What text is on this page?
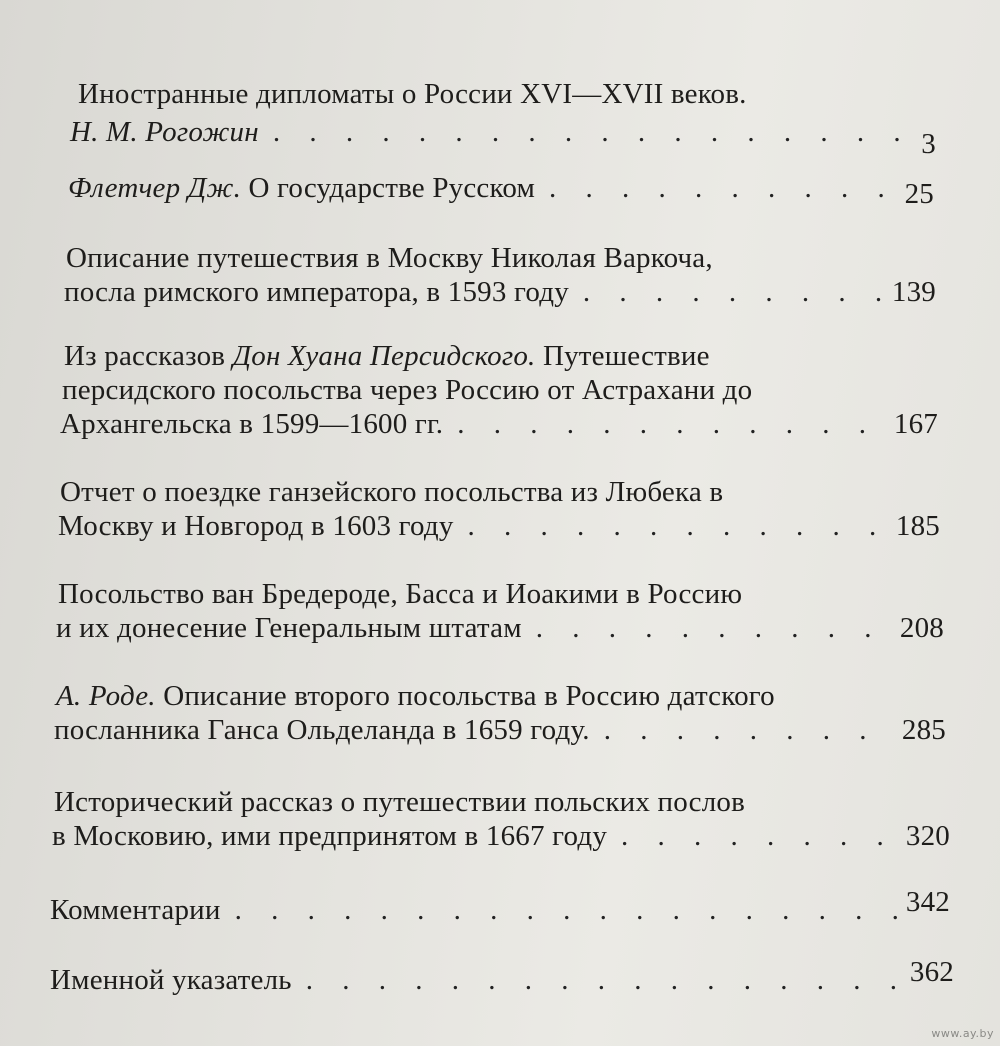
Иностранные дипломаты о России XVI—XVII веков.
Н. М. Рогожин . . .	3
Флетчер Дж. О государстве Русском . . .	25
Описание путешествия в Москву Николая Варкоча,
посла римского императора, в 1593 году . . .	139
Из рассказов Дон Хуана Персидского. Путешествие
персидского посольства через Россию от Астрахани до
Архангельска в 1599—1600 гг. . . .	167
Отчет о поездке ганзейского посольства из Любека в
Москву и Новгород в 1603 году . . .	185
Посольство ван Бредероде, Басса и Иоакими в Россию
и их донесение Генеральным штатам . . .	208
А. Роде. Описание второго посольства в Россию датского
посланника Ганса Ольделанда в 1659 году. . . .	285
Исторический рассказ о путешествии польских послов
в Московию, ими предпринятом в 1667 году . . .	320
Комментарии . . .	342
Именной указатель . . .	362
www.ay.by
